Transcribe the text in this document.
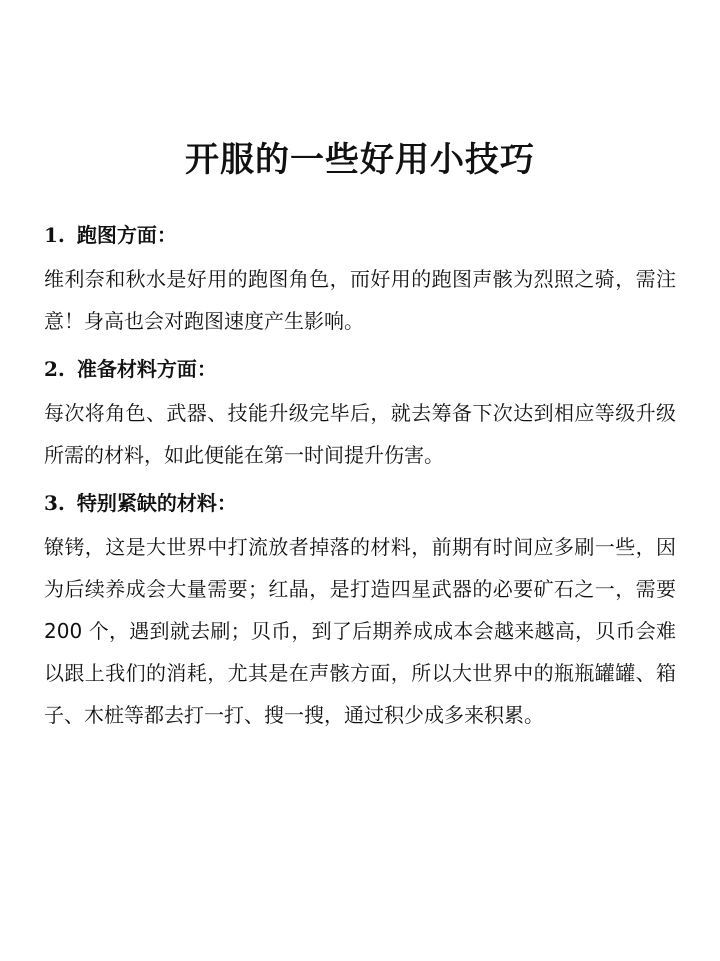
开服的一些好用小技巧
1. 跑图方面：

维利奈和秋水是好用的跑图角色，而好用的跑图声骸为烈照之骑，需注意！身高也会对跑图速度产生影响。

2. 准备材料方面：

每次将角色、武器、技能升级完毕后，就去筹备下次达到相应等级升级所需的材料，如此便能在第一时间提升伤害。

3. 特别紧缺的材料：

镣铐，这是大世界中打流放者掉落的材料，前期有时间应多刷一些，因为后续养成会大量需要；红晶，是打造四星武器的必要矿石之一，需要 200 个，遇到就去刷；贝币，到了后期养成成本会越来越高，贝币会难以跟上我们的消耗，尤其是在声骸方面，所以大世界中的瓶瓶罐罐、箱子、木桩等都去打一打、搜一搜，通过积少成多来积累。
